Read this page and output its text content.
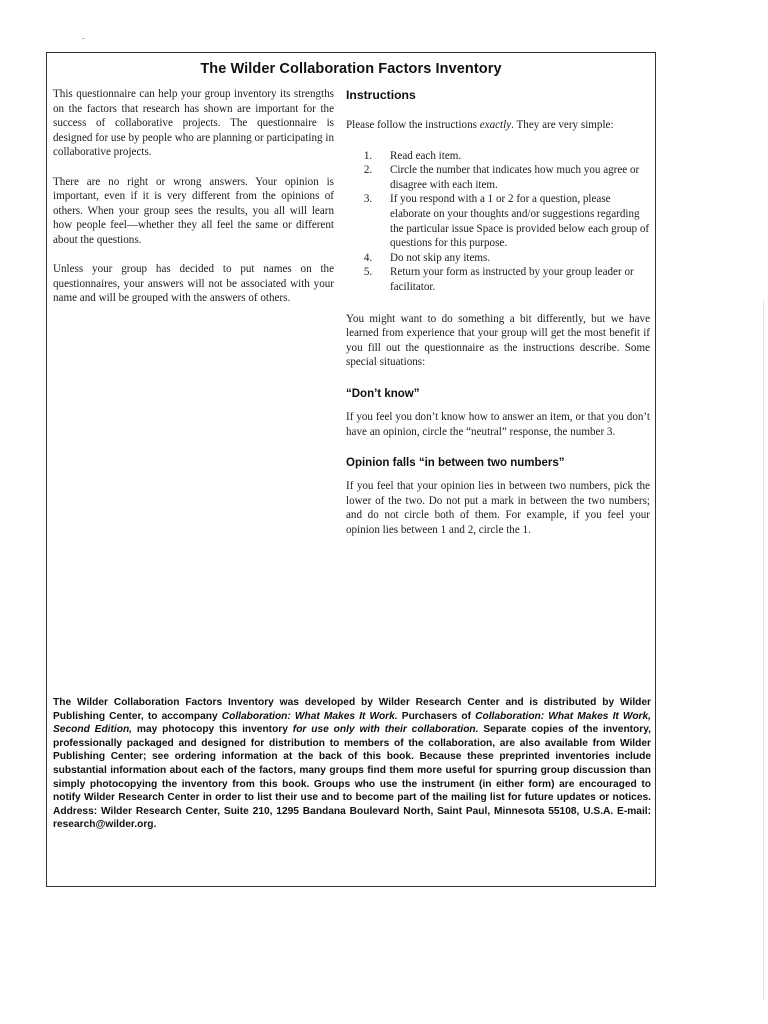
The Wilder Collaboration Factors Inventory

This questionnaire can help your group inventory its strengths on the factors that research has shown are important for the success of collaborative projects. The questionnaire is designed for use by people who are planning or participating in collaborative projects.

There are no right or wrong answers. Your opinion is important, even if it is very different from the opinions of others. When your group sees the results, you all will learn how people feel—whether they all feel the same or different about the questions.

Unless your group has decided to put names on the questionnaires, your answers will not be associated with your name and will be grouped with the answers of others.

Instructions

Please follow the instructions exactly. They are very simple:

1.	Read each item.
2.	Circle the number that indicates how much you agree or disagree with each item.
3.	If you respond with a 1 or 2 for a question, please elaborate on your thoughts and/or suggestions regarding the particular issue Space is provided below each group of questions for this purpose.
4.	Do not skip any items.
5.	Return your form as instructed by your group leader or facilitator.

You might want to do something a bit differently, but we have learned from experience that your group will get the most benefit if you fill out the questionnaire as the instructions describe. Some special situations:

“Don’t know”

If you feel you don’t know how to answer an item, or that you don’t have an opinion, circle the “neutral” response, the number 3.

Opinion falls “in between two numbers”

If you feel that your opinion lies in between two numbers, pick the lower of the two. Do not put a mark in between the two numbers; and do not circle both of them. For example, if you feel your opinion lies between 1 and 2, circle the 1.

The Wilder Collaboration Factors Inventory was developed by Wilder Research Center and is distributed by Wilder Publishing Center, to accompany Collaboration: What Makes It Work. Purchasers of Collaboration: What Makes It Work, Second Edition, may photocopy this inventory for use only with their collaboration. Separate copies of the inventory, professionally packaged and designed for distribution to members of the collaboration, are also available from Wilder Publishing Center; see ordering information at the back of this book. Because these preprinted inventories include substantial information about each of the factors, many groups find them more useful for spurring group discussion than simply photocopying the inventory from this book. Groups who use the instrument (in either form) are encouraged to notify Wilder Research Center in order to list their use and to become part of the mailing list for future updates or notices. Address: Wilder Research Center, Suite 210, 1295 Bandana Boulevard North, Saint Paul, Minnesota 55108, U.S.A. E-mail: research@wilder.org.
